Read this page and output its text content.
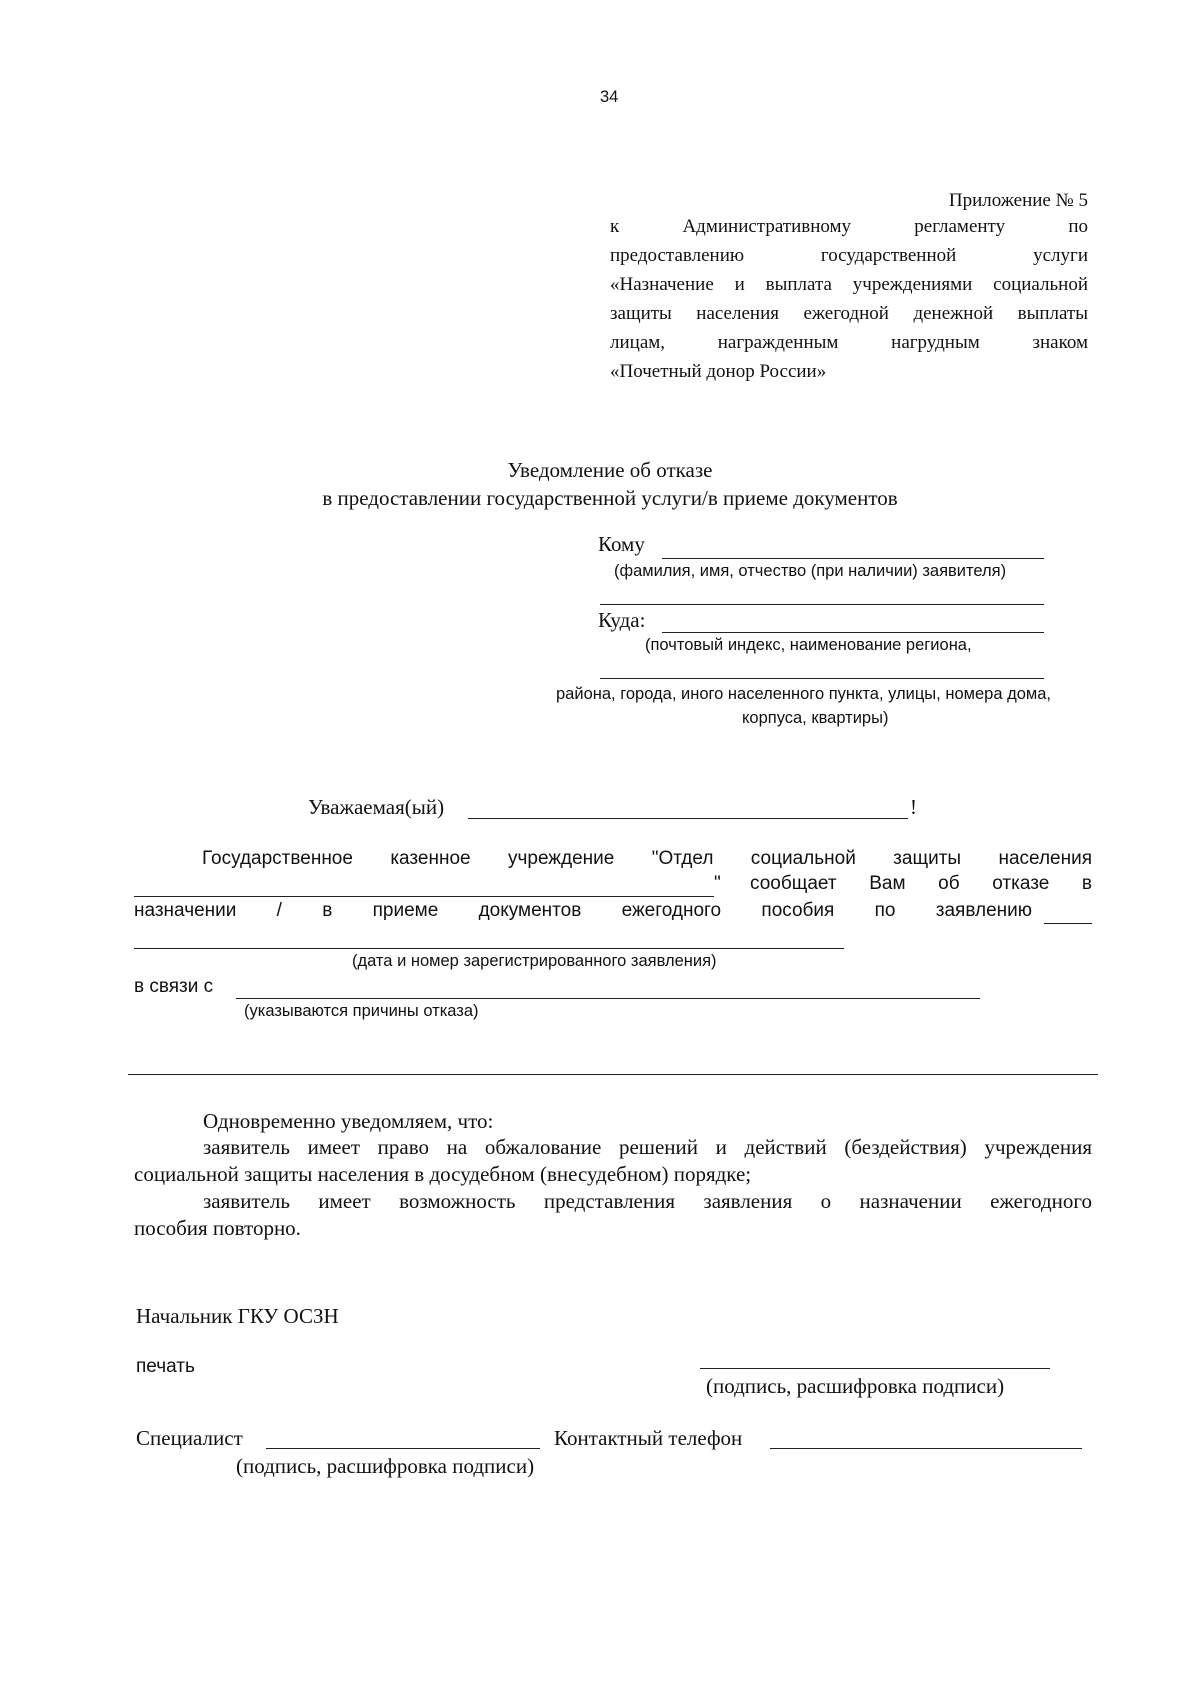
34
Приложение № 5
к Административному регламенту по
предоставлению государственной услуги
«Назначение и выплата учреждениями социальной
защиты населения ежегодной денежной выплаты
лицам, награжденным нагрудным знаком
«Почетный донор России»
Уведомление об отказе
в предоставлении государственной услуги/в приеме документов
Кому
(фамилия, имя, отчество (при наличии) заявителя)
Куда:
(почтовый индекс, наименование региона,
района, города, иного населенного пункта, улицы, номера дома,
корпуса, квартиры)
Уважаемая(ый)	!
Государственное казенное учреждение "Отдел социальной защиты населения
" сообщает Вам об отказе в
назначении / в приеме документов ежегодного пособия по заявлению
(дата и номер зарегистрированного заявления)
в связи с
(указываются причины отказа)
Одновременно уведомляем, что:
заявитель имеет право на обжалование решений и действий (бездействия) учреждения
социальной защиты населения в досудебном (внесудебном) порядке;
заявитель имеет возможность представления заявления о назначении ежегодного
пособия повторно.
Начальник ГКУ ОСЗН
печать
(подпись, расшифровка подписи)
Специалист	Контактный телефон
(подпись, расшифровка подписи)
